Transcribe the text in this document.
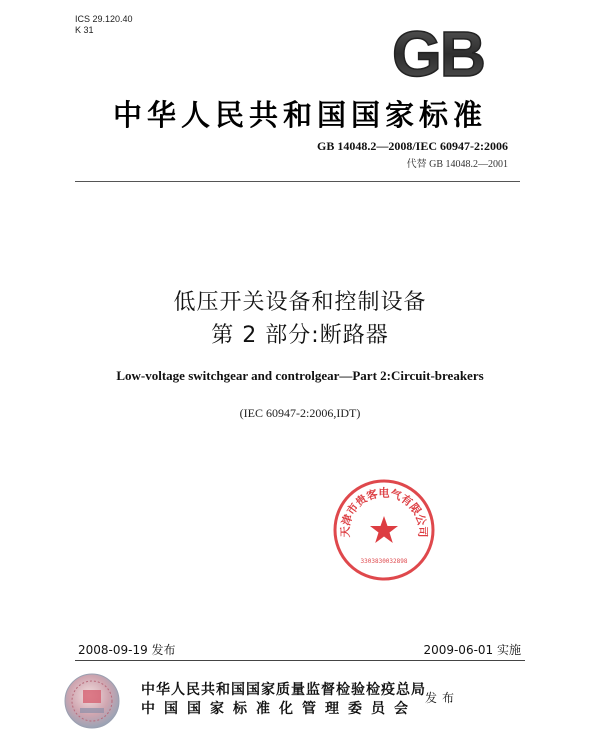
ICS 29.120.40
K 31	GB
中华人民共和国国家标准
GB 14048.2—2008/IEC 60947-2:2006
代替 GB 14048.2—2001
低压开关设备和控制设备
第 2 部分:断路器
Low-voltage switchgear and controlgear—Part 2:Circuit-breakers
(IEC 60947-2:2006,IDT)
天津市贵客电气有限公司
3303830032898
2008-09-19 发布	2009-06-01 实施
中华人民共和国国家质量监督检验检疫总局
中国国家标准化管理委员会
发布
